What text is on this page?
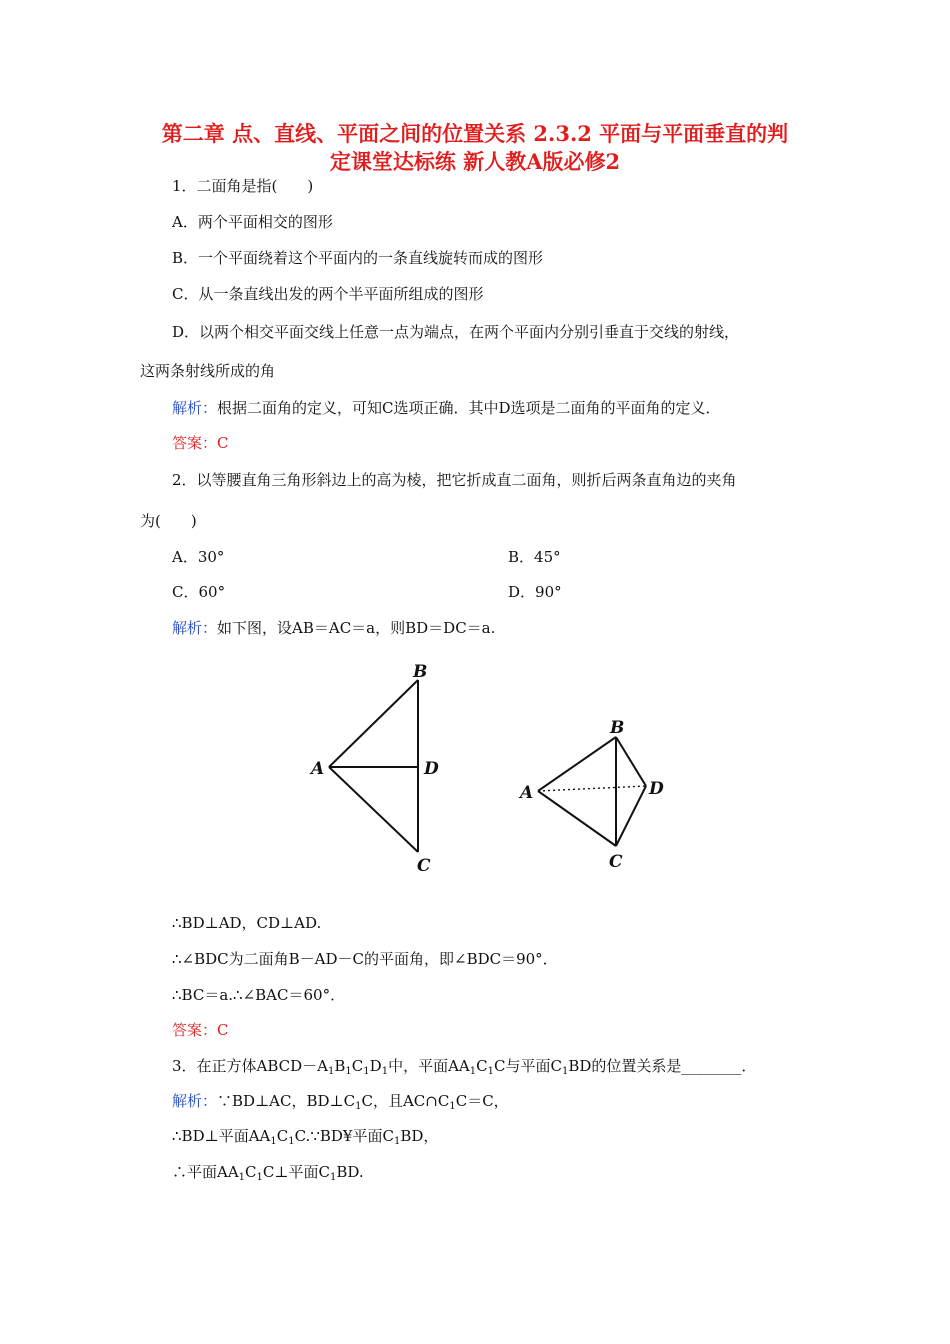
第二章 点、直线、平面之间的位置关系 2.3.2 平面与平面垂直的判
定课堂达标练 新人教A版必修2
1．二面角是指(　　)
A．两个平面相交的图形
B．一个平面绕着这个平面内的一条直线旋转而成的图形
C．从一条直线出发的两个半平面所组成的图形
D．以两个相交平面交线上任意一点为端点，在两个平面内分别引垂直于交线的射线，
这两条射线所成的角
解析：根据二面角的定义，可知C选项正确．其中D选项是二面角的平面角的定义．
答案：C
2．以等腰直角三角形斜边上的高为棱，把它折成直二面角，则折后两条直角边的夹角
为(　　)
A．30°	B．45°
C．60°	D．90°
解析：如下图，设AB＝AC＝a，则BD＝DC＝a.
B
A	D
C
B
A	D
C
∴BD⊥AD，CD⊥AD.
∴∠BDC为二面角B－AD－C的平面角，即∠BDC＝90°．
∴BC＝a.∴∠BAC＝60°．
答案：C
3．在正方体$ABCD-A_1B_1C_1D_1$中，平面$AA_1C_1C$与平面$C_1BD$的位置关系是________．
解析：∵BD⊥AC，$BD\perp C_1C$，且$AC\cap C_1C=C$，
∴BD⊥平面$AA_1C_1C.\because BD¥$平面$C_1BD$，
∴平面$AA_1C_1C\perp$平面$C_1BD$.
